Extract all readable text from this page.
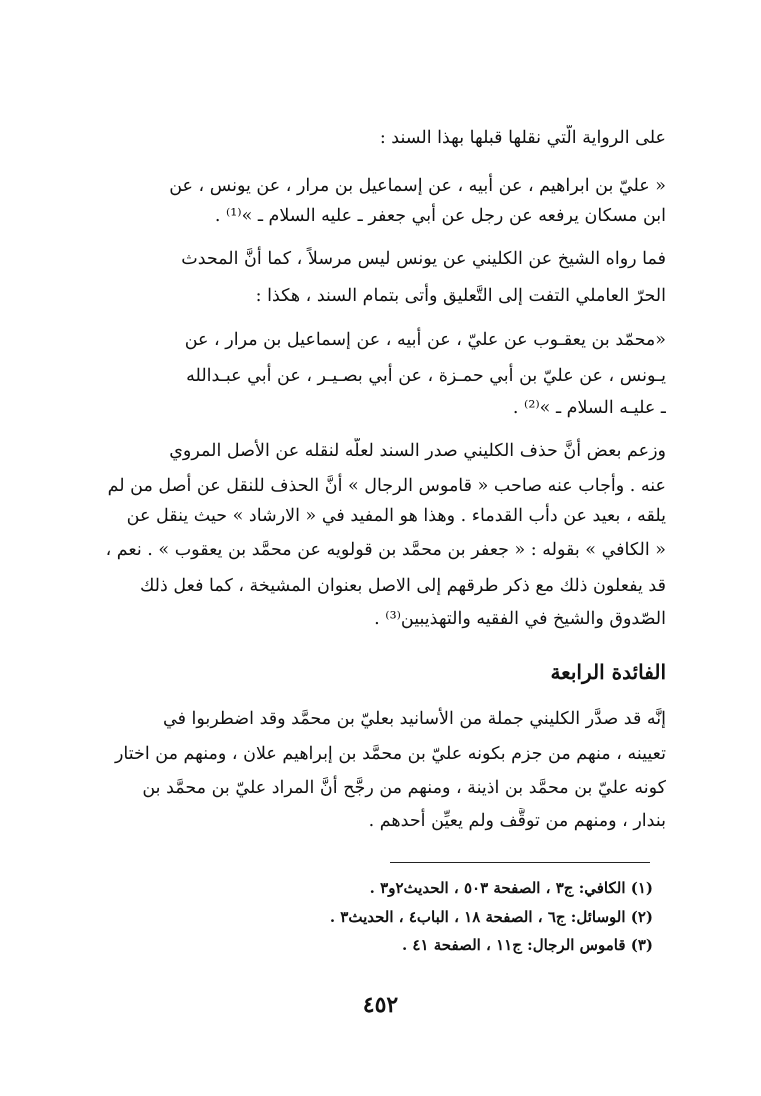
على الرواية الّتي نقلها قبلها بهذا السند :
« عليّ بن ابراهيم ، عن أبيه ، عن إسماعيل بن مرار ، عن يونس ، عن
ابن مسكان يرفعه عن رجل عن أبي جعفر ـ عليه السلام ـ »⁽¹⁾ .
فما رواه الشيخ عن الكليني عن يونس ليس مرسلاً ، كما أنَّ المحدث
الحرّ العاملي التفت إلى التَّعليق وأتى بتمام السند ، هكذا :
«محمّد بن يعقـوب عن عليّ ، عن أبيه ، عن إسماعيل بن مرار ، عن
يـونس ، عن عليّ بن أبي حمـزة ، عن أبي بصـيـر ، عن أبي عبـدالله
ـ عليـه السلام ـ »⁽²⁾ .
وزعم بعض أنَّ حذف الكليني صدر السند لعلّه لنقله عن الأصل المروي
عنه . وأجاب عنه صاحب « قاموس الرجال » أنَّ الحذف للنقل عن أصل من لم
يلقه ، بعيد عن دأب القدماء . وهذا هو المفيد في « الارشاد » حيث ينقل عن
« الكافي » بقوله : « جعفر بن محمَّد بن قولويه عن محمَّد بن يعقوب » . نعم ،
قد يفعلون ذلك مع ذكر طرقهم إلى الاصل بعنوان المشيخة ، كما فعل ذلك
الصّدوق والشيخ في الفقيه والتهذيبين⁽³⁾ .
الفائدة الرابعة
إنَّه قد صدَّر الكليني جملة من الأسانيد بعليّ بن محمَّد وقد اضطربوا في
تعيينه ، منهم من جزم بكونه عليّ بن محمَّد بن إبراهيم علان ، ومنهم من اختار
كونه عليّ بن محمَّد بن اذينة ، ومنهم من رجَّح أنَّ المراد عليّ بن محمَّد بن
بندار ، ومنهم من توقَّف ولم يعيِّن أحدهم .
(١) الكافي: ج٣ ، الصفحة ٥٠٣ ، الحديث٢و٣ .
(٢) الوسائل: ج٦ ، الصفحة ١٨ ، الباب٤ ، الحديث٣ .
(٣) قاموس الرجال: ج١١ ، الصفحة ٤١ .
٤٥٢
